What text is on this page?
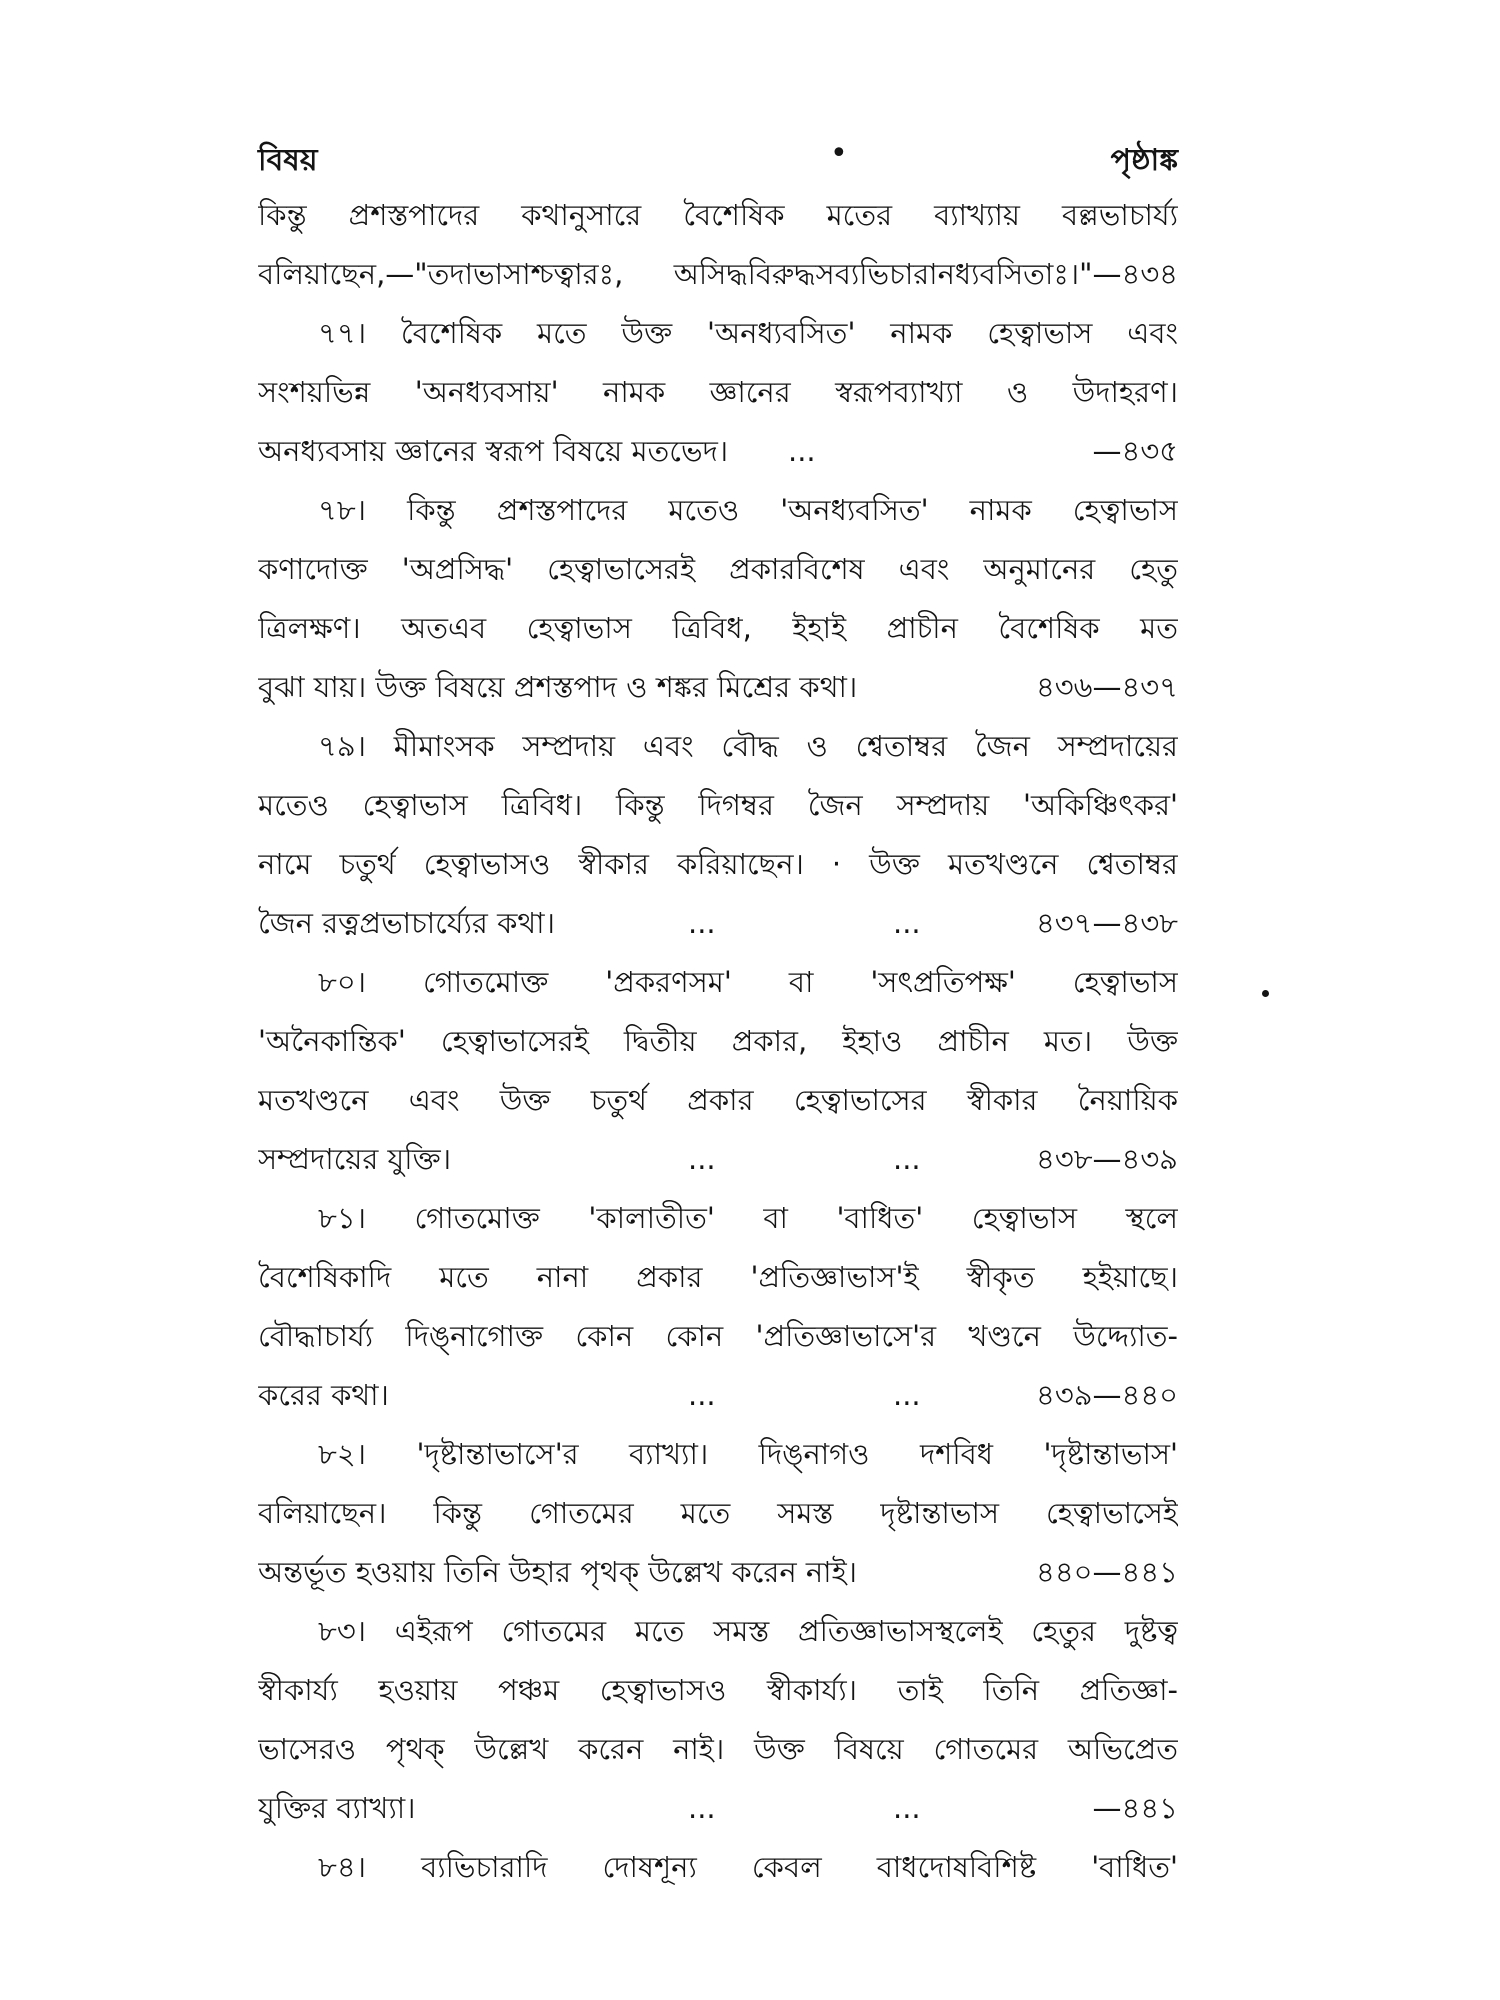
বিষয়	•	পৃষ্ঠাঙ্ক
কিন্তু প্রশস্তপাদের কথানুসারে বৈশেষিক মতের ব্যাখ্যায় বল্লভাচার্য্য
বলিয়াছেন,—"তদাভাসাশ্চত্বারঃ, অসিদ্ধবিরুদ্ধসব্যভিচারানধ্যবসিতাঃ।"—৪৩৪
৭৭। বৈশেষিক মতে উক্ত 'অনধ্যবসিত' নামক হেত্বাভাস এবং
সংশয়ভিন্ন 'অনধ্যবসায়' নামক জ্ঞানের স্বরূপব্যাখ্যা ও উদাহরণ।
অনধ্যবসায় জ্ঞানের স্বরূপ বিষয়ে মতভেদ। ...	—৪৩৫
৭৮। কিন্তু প্রশস্তপাদের মতেও 'অনধ্যবসিত' নামক হেত্বাভাস
কণাদোক্ত 'অপ্রসিদ্ধ' হেত্বাভাসেরই প্রকারবিশেষ এবং অনুমানের হেতু
ত্রিলক্ষণ। অতএব হেত্বাভাস ত্রিবিধ, ইহাই প্রাচীন বৈশেষিক মত
বুঝা যায়। উক্ত বিষয়ে প্রশস্তপাদ ও শঙ্কর মিশ্রের কথা।	৪৩৬—৪৩৭
৭৯। মীমাংসক সম্প্রদায় এবং বৌদ্ধ ও শ্বেতাম্বর জৈন সম্প্রদায়ের
মতেও হেত্বাভাস ত্রিবিধ। কিন্তু দিগম্বর জৈন সম্প্রদায় 'অকিঞ্চিৎকর'
নামে চতুর্থ হেত্বাভাসও স্বীকার করিয়াছেন। · উক্ত মতখণ্ডনে শ্বেতাম্বর
জৈন রত্নপ্রভাচার্য্যের কথা।	...	...	৪৩৭—৪৩৮
৮০। গোতমোক্ত 'প্রকরণসম' বা 'সৎপ্রতিপক্ষ' হেত্বাভাস
'অনৈকান্তিক' হেত্বাভাসেরই দ্বিতীয় প্রকার, ইহাও প্রাচীন মত। উক্ত
মতখণ্ডনে এবং উক্ত চতুর্থ প্রকার হেত্বাভাসের স্বীকার নৈয়ায়িক
সম্প্রদায়ের যুক্তি।	...	...	৪৩৮—৪৩৯
৮১। গোতমোক্ত 'কালাতীত' বা 'বাধিত' হেত্বাভাস স্থলে
বৈশেষিকাদি মতে নানা প্রকার 'প্রতিজ্ঞাভাস'ই স্বীকৃত হইয়াছে।
বৌদ্ধাচার্য্য দিঙ্‌নাগোক্ত কোন কোন 'প্রতিজ্ঞাভাসে'র খণ্ডনে উদ্দ্যোত-
করের কথা।	...	...	৪৩৯—৪৪০
৮২। 'দৃষ্টান্তাভাসে'র ব্যাখ্যা। দিঙ্‌নাগও দশবিধ 'দৃষ্টান্তাভাস'
বলিয়াছেন। কিন্তু গোতমের মতে সমস্ত দৃষ্টান্তাভাস হেত্বাভাসেই
অন্তর্ভূত হওয়ায় তিনি উহার পৃথক্‌ উল্লেখ করেন নাই।	৪৪০—৪৪১
৮৩। এইরূপ গোতমের মতে সমস্ত প্রতিজ্ঞাভাসস্থলেই হেতুর দুষ্টত্ব
স্বীকার্য্য হওয়ায় পঞ্চম হেত্বাভাসও স্বীকার্য্য। তাই তিনি প্রতিজ্ঞা-
ভাসেরও পৃথক্‌ উল্লেখ করেন নাই। উক্ত বিষয়ে গোতমের অভিপ্রেত
যুক্তির ব্যাখ্যা।	...	...	—৪৪১
৮৪। ব্যভিচারাদি দোষশূন্য কেবল বাধদোষবিশিষ্ট 'বাধিত'
